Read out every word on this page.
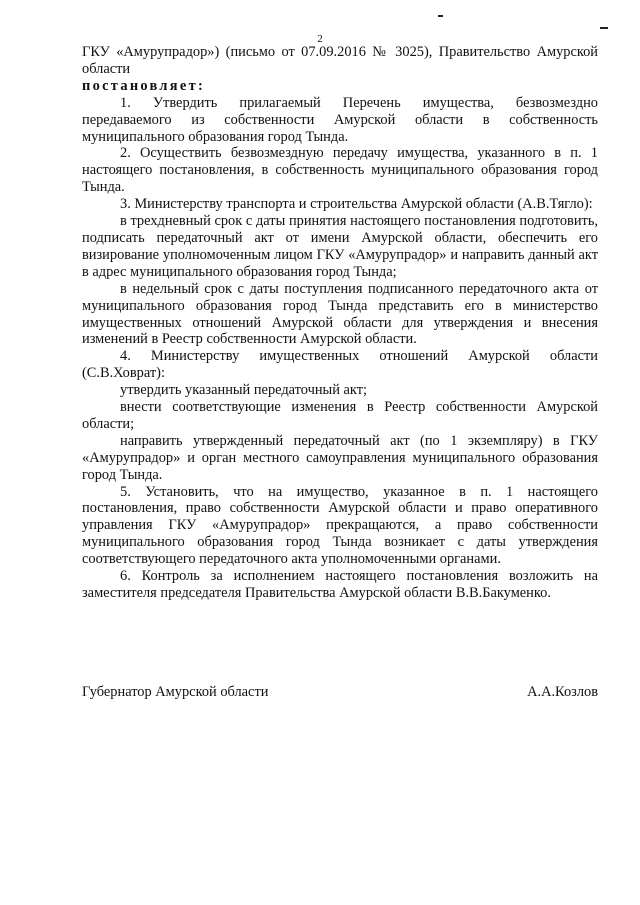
2

ГКУ «Амурупрадор») (письмо от 07.09.2016 № 3025), Правительство Амурской области

постановляет:

1. Утвердить прилагаемый Перечень имущества, безвозмездно передаваемого из собственности Амурской области в собственность муниципального образования город Тында.

2. Осуществить безвозмездную передачу имущества, указанного в п. 1 настоящего постановления, в собственность муниципального образования город Тында.

3. Министерству транспорта и строительства Амурской области (А.В.Тягло):

в трехдневный срок с даты принятия настоящего постановления подготовить, подписать передаточный акт от имени Амурской области, обеспечить его визирование уполномоченным лицом ГКУ «Амурупрадор» и направить данный акт в адрес муниципального образования город Тында;

в недельный срок с даты поступления подписанного передаточного акта от муниципального образования город Тында представить его в министерство имущественных отношений Амурской области для утверждения и внесения изменений в Реестр собственности Амурской области.

4. Министерству имущественных отношений Амурской области (С.В.Ховрат):

утвердить указанный передаточный акт;

внести соответствующие изменения в Реестр собственности Амурской области;

направить утвержденный передаточный акт (по 1 экземпляру) в ГКУ «Амурупрадор» и орган местного самоуправления муниципального образования город Тында.

5. Установить, что на имущество, указанное в п. 1 настоящего постановления, право собственности Амурской области и право оперативного управления ГКУ «Амурупрадор» прекращаются, а право собственности муниципального образования город Тында возникает с даты утверждения соответствующего передаточного акта уполномоченными органами.

6. Контроль за исполнением настоящего постановления возложить на заместителя председателя Правительства Амурской области В.В.Бакуменко.

Губернатор Амурской области	А.А.Козлов
